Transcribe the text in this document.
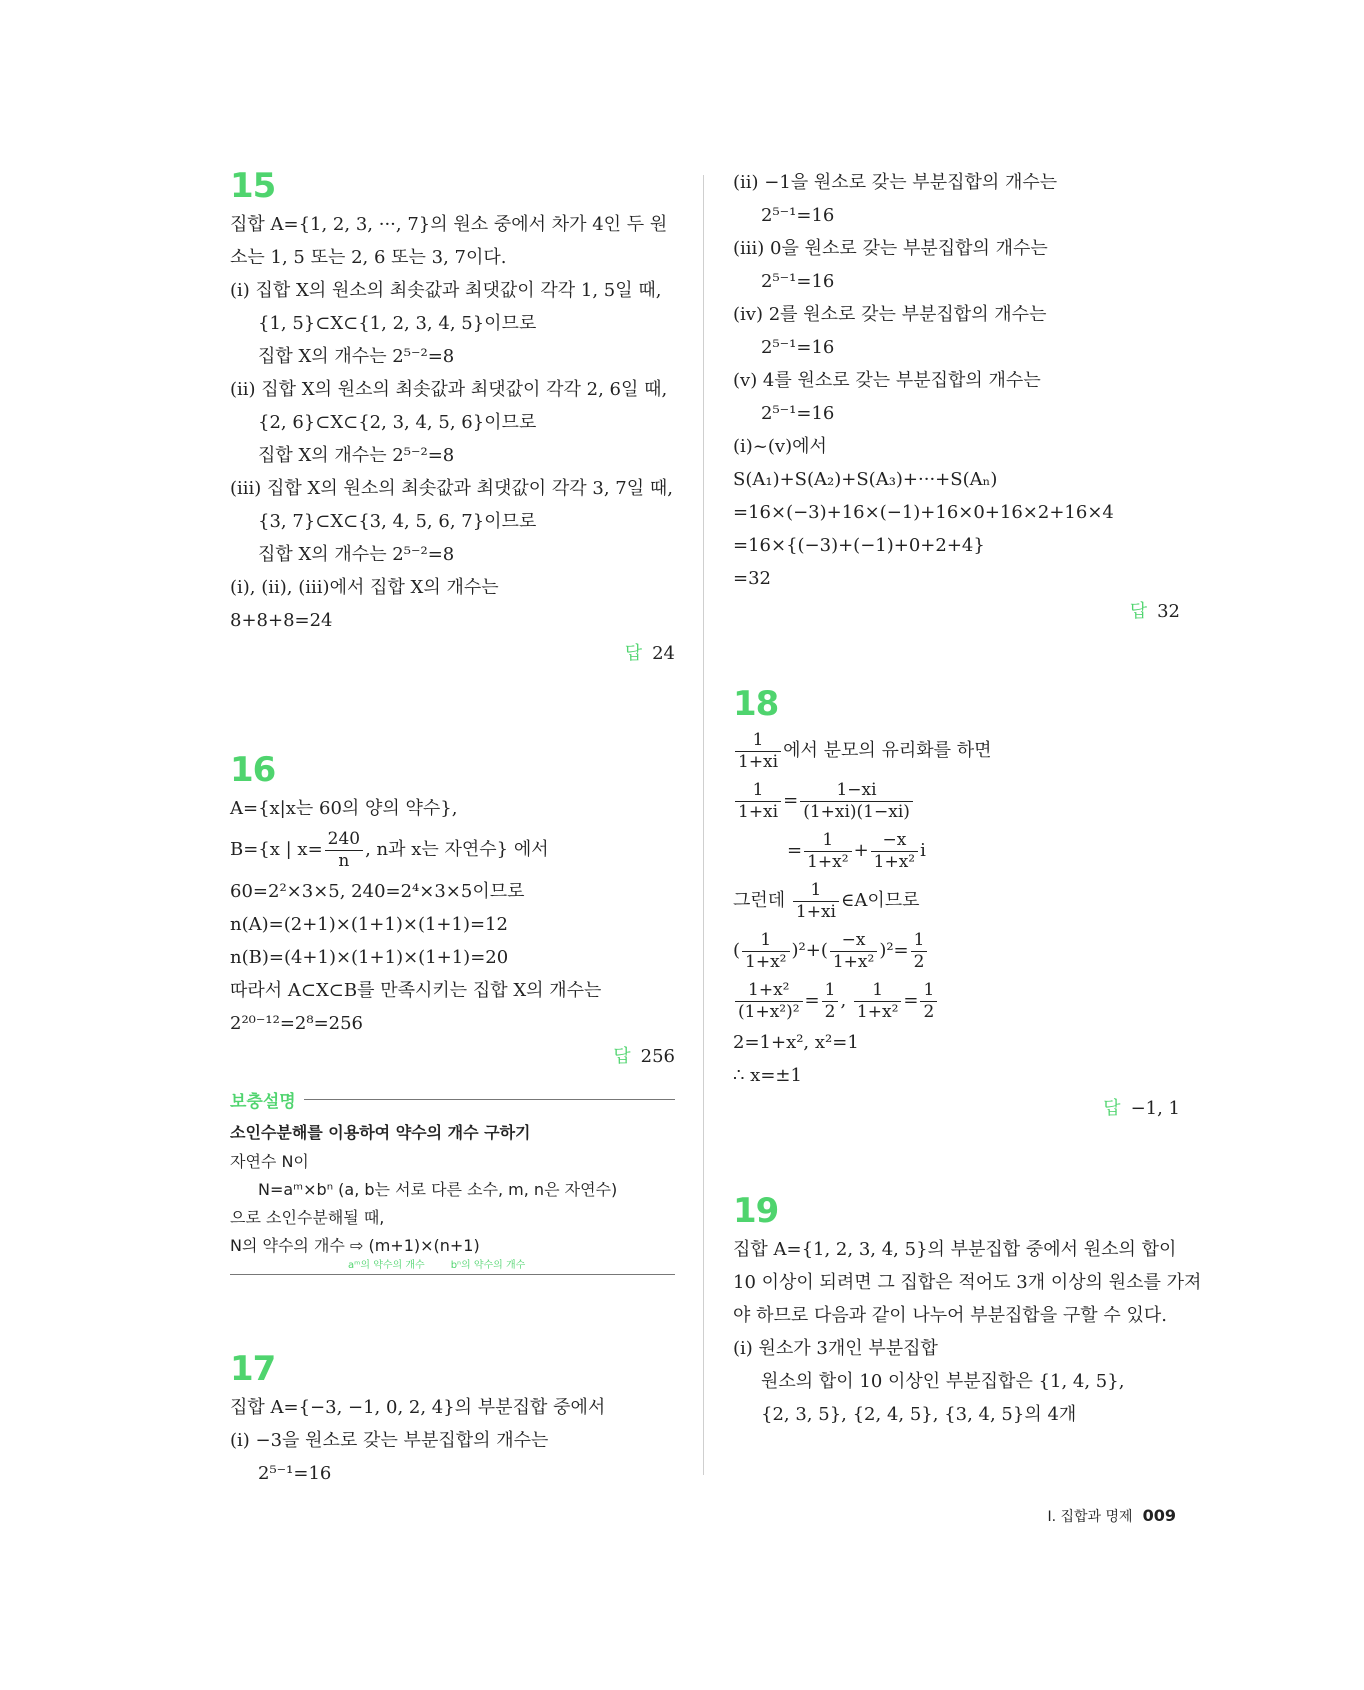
15
집합 A={1, 2, 3, ···, 7}의 원소 중에서 차가 4인 두 원
소는 1, 5 또는 2, 6 또는 3, 7이다.
(i) 집합 X의 원소의 최솟값과 최댓값이 각각 1, 5일 때,
{1, 5}⊂X⊂{1, 2, 3, 4, 5}이므로
집합 X의 개수는 2⁵⁻²=8
(ii) 집합 X의 원소의 최솟값과 최댓값이 각각 2, 6일 때,
{2, 6}⊂X⊂{2, 3, 4, 5, 6}이므로
집합 X의 개수는 2⁵⁻²=8
(iii) 집합 X의 원소의 최솟값과 최댓값이 각각 3, 7일 때,
{3, 7}⊂X⊂{3, 4, 5, 6, 7}이므로
집합 X의 개수는 2⁵⁻²=8
(i), (ii), (iii)에서 집합 X의 개수는
8+8+8=24
답 24
16
A={x|x는 60의 양의 약수},
B={x | $x= \frac{240}{n}$ , n과 x는 자연수} 에서
60=2²×3×5, 240=2⁴×3×5이므로
n(A)=(2+1)×(1+1)×(1+1)=12
n(B)=(4+1)×(1+1)×(1+1)=20
따라서 A⊂X⊂B를 만족시키는 집합 X의 개수는
2²⁰⁻¹²=2⁸=256
답 256
보충설명
소인수분해를 이용하여 약수의 개수 구하기
자연수 N이
N=aᵐ×bⁿ (a, b는 서로 다른 소수, m, n은 자연수)
으로 소인수분해될 때,
N의 약수의 개수 ⇨ (m+1)×(n+1)
aᵐ의 약수의 개수	bⁿ의 약수의 개수
17
집합 A={−3, −1, 0, 2, 4}의 부분집합 중에서
(i) −3을 원소로 갖는 부분집합의 개수는
2⁵⁻¹=16
(ii) −1을 원소로 갖는 부분집합의 개수는
2⁵⁻¹=16
(iii) 0을 원소로 갖는 부분집합의 개수는
2⁵⁻¹=16
(iv) 2를 원소로 갖는 부분집합의 개수는
2⁵⁻¹=16
(v) 4를 원소로 갖는 부분집합의 개수는
2⁵⁻¹=16
(i)~(v)에서
S(A₁)+S(A₂)+S(A₃)+···+S(Aₙ)
=16×(−3)+16×(−1)+16×0+16×2+16×4
=16×{(−3)+(−1)+0+2+4}
=32
답 32
18
$\frac{1}{1+xi}$ 에서 분모의 유리화를 하면
$\frac{1}{1+xi} = \frac{1-xi}{(1+xi)(1-xi)}$
= $\frac{1}{\text{1+x²}} + \frac{-x}{\text{1+x²}}$ i
그런데 $\frac{1}{1+xi}$ ∈A이므로
( $\frac{1}{\text{1+x²}} )^2+( \frac{-x}{\text{1+x²}} )^2= \frac{1}{2}$
$\frac{\text{1+x²}}{\text{(1+x²)²}} = \frac{1}{2}$ , $\frac{1}{\text{1+x²}} = \frac{1}{2}$
2=1+x², x²=1
∴ x=±1
답 −1, 1
19
집합 A={1, 2, 3, 4, 5}의 부분집합 중에서 원소의 합이
10 이상이 되려면 그 집합은 적어도 3개 이상의 원소를 가져
야 하므로 다음과 같이 나누어 부분집합을 구할 수 있다.
(i) 원소가 3개인 부분집합
원소의 합이 10 이상인 부분집합은 {1, 4, 5},
{2, 3, 5}, {2, 4, 5}, {3, 4, 5}의 4개
I. 집합과 명제 009
